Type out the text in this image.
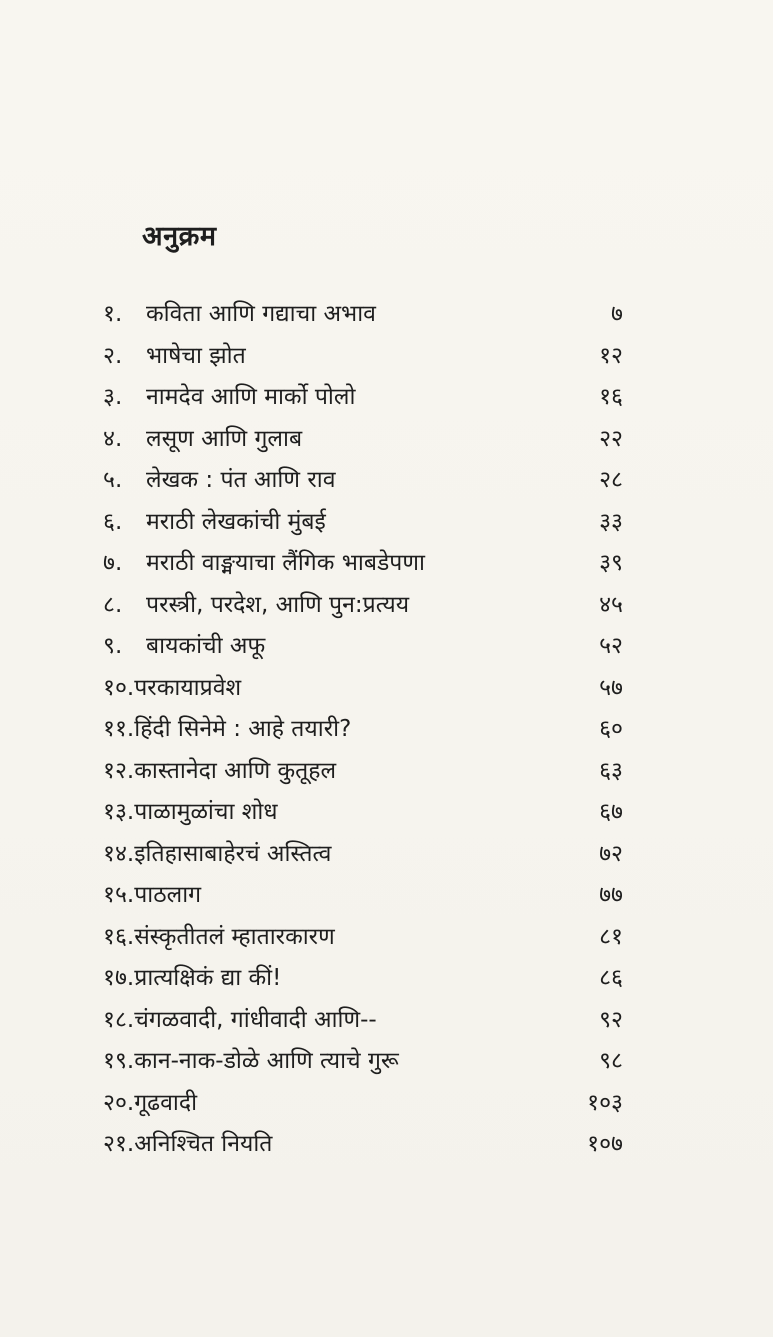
अनुक्रम
१. कविता आणि गद्याचा अभाव	७
२. भाषेचा झोत	१२
३. नामदेव आणि मार्को पोलो	१६
४. लसूण आणि गुलाब	२२
५. लेखक : पंत आणि राव	२८
६. मराठी लेखकांची मुंबई	३३
७. मराठी वाङ्मयाचा लैंगिक भाबडेपणा	३९
८. परस्त्री, परदेश, आणि पुन:प्रत्यय	४५
९. बायकांची अफू	५२
१०.परकायाप्रवेश	५७
११.हिंदी सिनेमे : आहे तयारी?	६०
१२.कास्तानेदा आणि कुतूहल	६३
१३.पाळामुळांचा शोध	६७
१४.इतिहासाबाहेरचं अस्तित्व	७२
१५.पाठलाग	७७
१६.संस्कृतीतलं म्हातारकारण	८१
१७.प्रात्यक्षिकं द्या कीं!	८६
१८.चंगळवादी, गांधीवादी आणि--	९२
१९.कान-नाक-डोळे आणि त्याचे गुरू	९८
२०.गूढवादी	१०३
२१.अनिश्चित नियति	१०७
